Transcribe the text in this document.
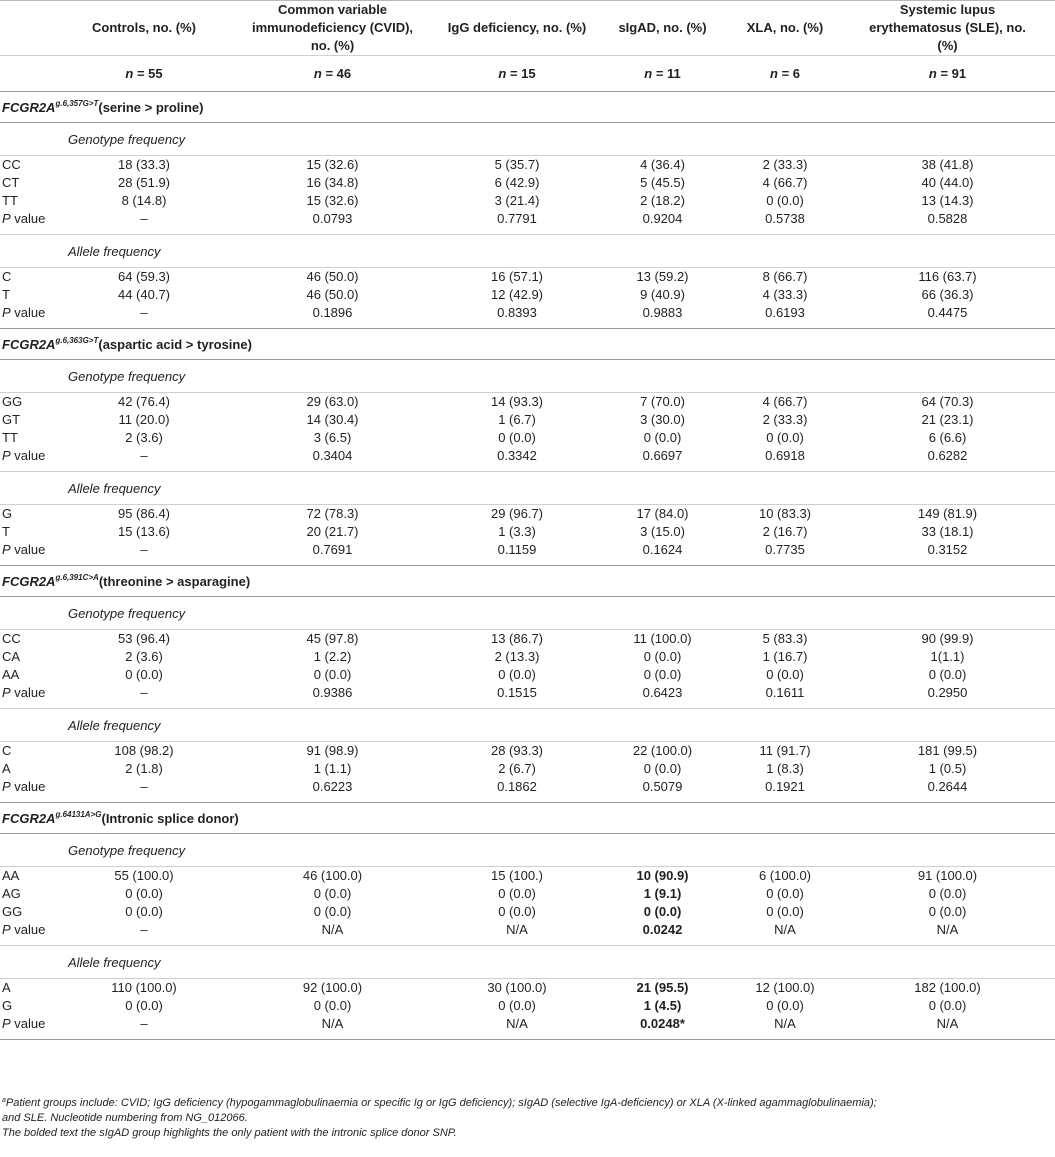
	Controls, no. (%)	Common variable immunodeficiency (CVID), no. (%)	IgG deficiency, no. (%)	sIgAD, no. (%)	XLA, no. (%)	Systemic lupus erythematosus (SLE), no. (%)
	n = 55	n = 46	n = 15	n = 11	n = 6	n = 91
$FCGR2A^{g.6,357G>T}(serine$ > proline)						
Genotype frequency						
CC	18 (33.3)	15 (32.6)	5 (35.7)	4 (36.4)	2 (33.3)	38 (41.8)
CT	28 (51.9)	16 (34.8)	6 (42.9)	5 (45.5)	4 (66.7)	40 (44.0)
TT	8 (14.8)	15 (32.6)	3 (21.4)	2 (18.2)	0 (0.0)	13 (14.3)
P value	–	0.0793	0.7791	0.9204	0.5738	0.5828
Allele frequency						
C	64 (59.3)	46 (50.0)	16 (57.1)	13 (59.2)	8 (66.7)	116 (63.7)
T	44 (40.7)	46 (50.0)	12 (42.9)	9 (40.9)	4 (33.3)	66 (36.3)
P value	–	0.1896	0.8393	0.9883	0.6193	0.4475
$FCGR2A^{g.6,363G>T}(aspartic$ acid > tyrosine)						
Genotype frequency						
GG	42 (76.4)	29 (63.0)	14 (93.3)	7 (70.0)	4 (66.7)	64 (70.3)
GT	11 (20.0)	14 (30.4)	1 (6.7)	3 (30.0)	2 (33.3)	21 (23.1)
TT	2 (3.6)	3 (6.5)	0 (0.0)	0 (0.0)	0 (0.0)	6 (6.6)
P value	–	0.3404	0.3342	0.6697	0.6918	0.6282
Allele frequency						
G	95 (86.4)	72 (78.3)	29 (96.7)	17 (84.0)	10 (83.3)	149 (81.9)
T	15 (13.6)	20 (21.7)	1 (3.3)	3 (15.0)	2 (16.7)	33 (18.1)
P value	–	0.7691	0.1159	0.1624	0.7735	0.3152
$FCGR2A^{g.6,391C>A}(threonine$ > asparagine)						
Genotype frequency						
CC	53 (96.4)	45 (97.8)	13 (86.7)	11 (100.0)	5 (83.3)	90 (99.9)
CA	2 (3.6)	1 (2.2)	2 (13.3)	0 (0.0)	1 (16.7)	1(1.1)
AA	0 (0.0)	0 (0.0)	0 (0.0)	0 (0.0)	0 (0.0)	0 (0.0)
P value	–	0.9386	0.1515	0.6423	0.1611	0.2950
Allele frequency						
C	108 (98.2)	91 (98.9)	28 (93.3)	22 (100.0)	11 (91.7)	181 (99.5)
A	2 (1.8)	1 (1.1)	2 (6.7)	0 (0.0)	1 (8.3)	1 (0.5)
P value	–	0.6223	0.1862	0.5079	0.1921	0.2644
$FCGR2A^{g.64131A>G}(Intronic$ splice donor)						
Genotype frequency						
AA	55 (100.0)	46 (100.0)	15 (100.)	10 (90.9)	6 (100.0)	91 (100.0)
AG	0 (0.0)	0 (0.0)	0 (0.0)	1 (9.1)	0 (0.0)	0 (0.0)
GG	0 (0.0)	0 (0.0)	0 (0.0)	0 (0.0)	0 (0.0)	0 (0.0)
P value	–	N/A	N/A	0.0242	N/A	N/A
Allele frequency						
A	110 (100.0)	92 (100.0)	30 (100.0)	21 (95.5)	12 (100.0)	182 (100.0)
G	0 (0.0)	0 (0.0)	0 (0.0)	1 (4.5)	0 (0.0)	0 (0.0)
P value	–	N/A	N/A	0.0248*	N/A	N/A
$^a$Patient groups include: CVID; IgG deficiency (hypogammaglobulinaemia or specific Ig or IgG deficiency); sIgAD (selective IgA-deficiency) or XLA (X-linked agammaglobulinaemia);
and SLE. Nucleotide numbering from NG_012066.
The bolded text the sIgAD group highlights the only patient with the intronic splice donor SNP.
